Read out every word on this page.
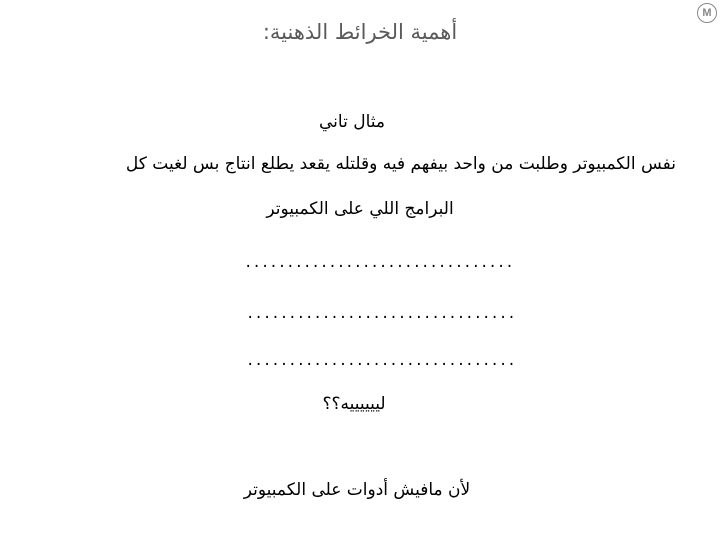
M
أهمية الخرائط الذهنية:
مثال تاني
نفس الكمبيوتر وطلبت من واحد بيفهم فيه وقلتله يقعد يطلع انتاج بس لغيت كل
البرامج اللي على الكمبيوتر
................................
................................
................................
لييييييه؟؟
لأن مافيش أدوات على الكمبيوتر
